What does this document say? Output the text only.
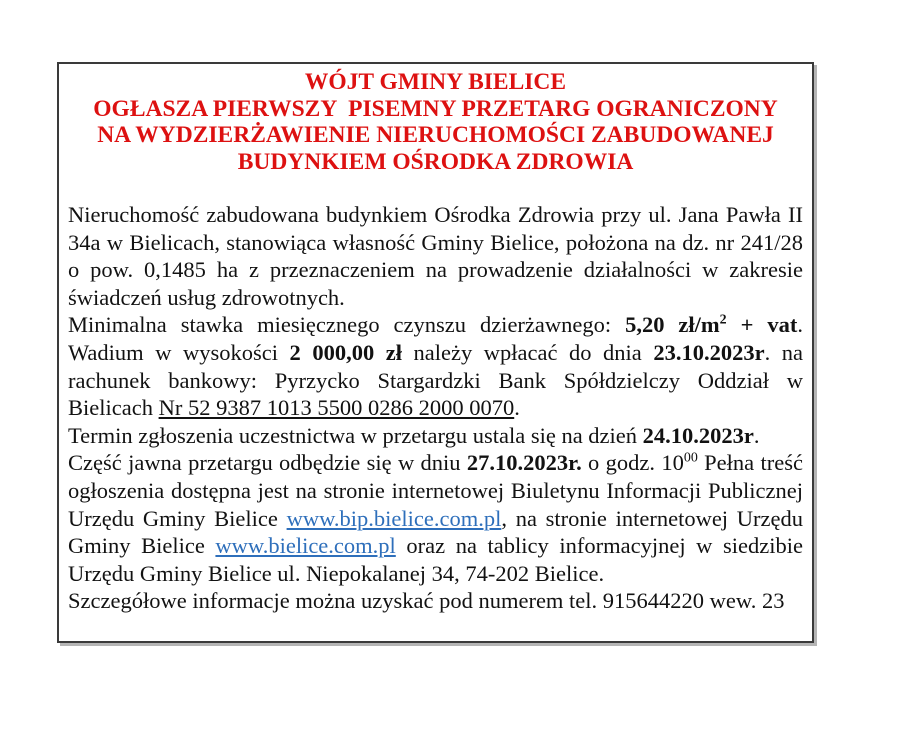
WÓJT GMINY BIELICE
OGŁASZA PIERWSZY  PISEMNY PRZETARG OGRANICZONY
NA WYDZIERŻAWIENIE NIERUCHOMOŚCI ZABUDOWANEJ
BUDYNKIEM OŚRODKA ZDROWIA

Nieruchomość zabudowana budynkiem Ośrodka Zdrowia przy ul. Jana Pawła II 34a w Bielicach, stanowiąca własność Gminy Bielice, położona na dz. nr 241/28 o pow. 0,1485 ha z przeznaczeniem na prowadzenie działalności w zakresie świadczeń usług zdrowotnych.

Minimalna stawka miesięcznego czynszu dzierżawnego: 5,20 $zł/m^2$ + vat. Wadium w wysokości 2 000,00 zł należy wpłacać do dnia 23.10.2023r. na rachunek bankowy: Pyrzycko Stargardzki Bank Spółdzielczy Oddział w Bielicach Nr 52 9387 1013 5500 0286 2000 0070.

Termin zgłoszenia uczestnictwa w przetargu ustala się na dzień 24.10.2023r.

Część jawna przetargu odbędzie się w dniu 27.10.2023r. o godz. $10^{00}$ Pełna treść ogłoszenia dostępna jest na stronie internetowej Biuletynu Informacji Publicznej Urzędu Gminy Bielice www.bip.bielice.com.pl, na stronie internetowej Urzędu Gminy Bielice www.bielice.com.pl oraz na tablicy informacyjnej w siedzibie Urzędu Gminy Bielice ul. Niepokalanej 34, 74-202 Bielice.

Szczegółowe informacje można uzyskać pod numerem tel. 915644220 wew. 23
